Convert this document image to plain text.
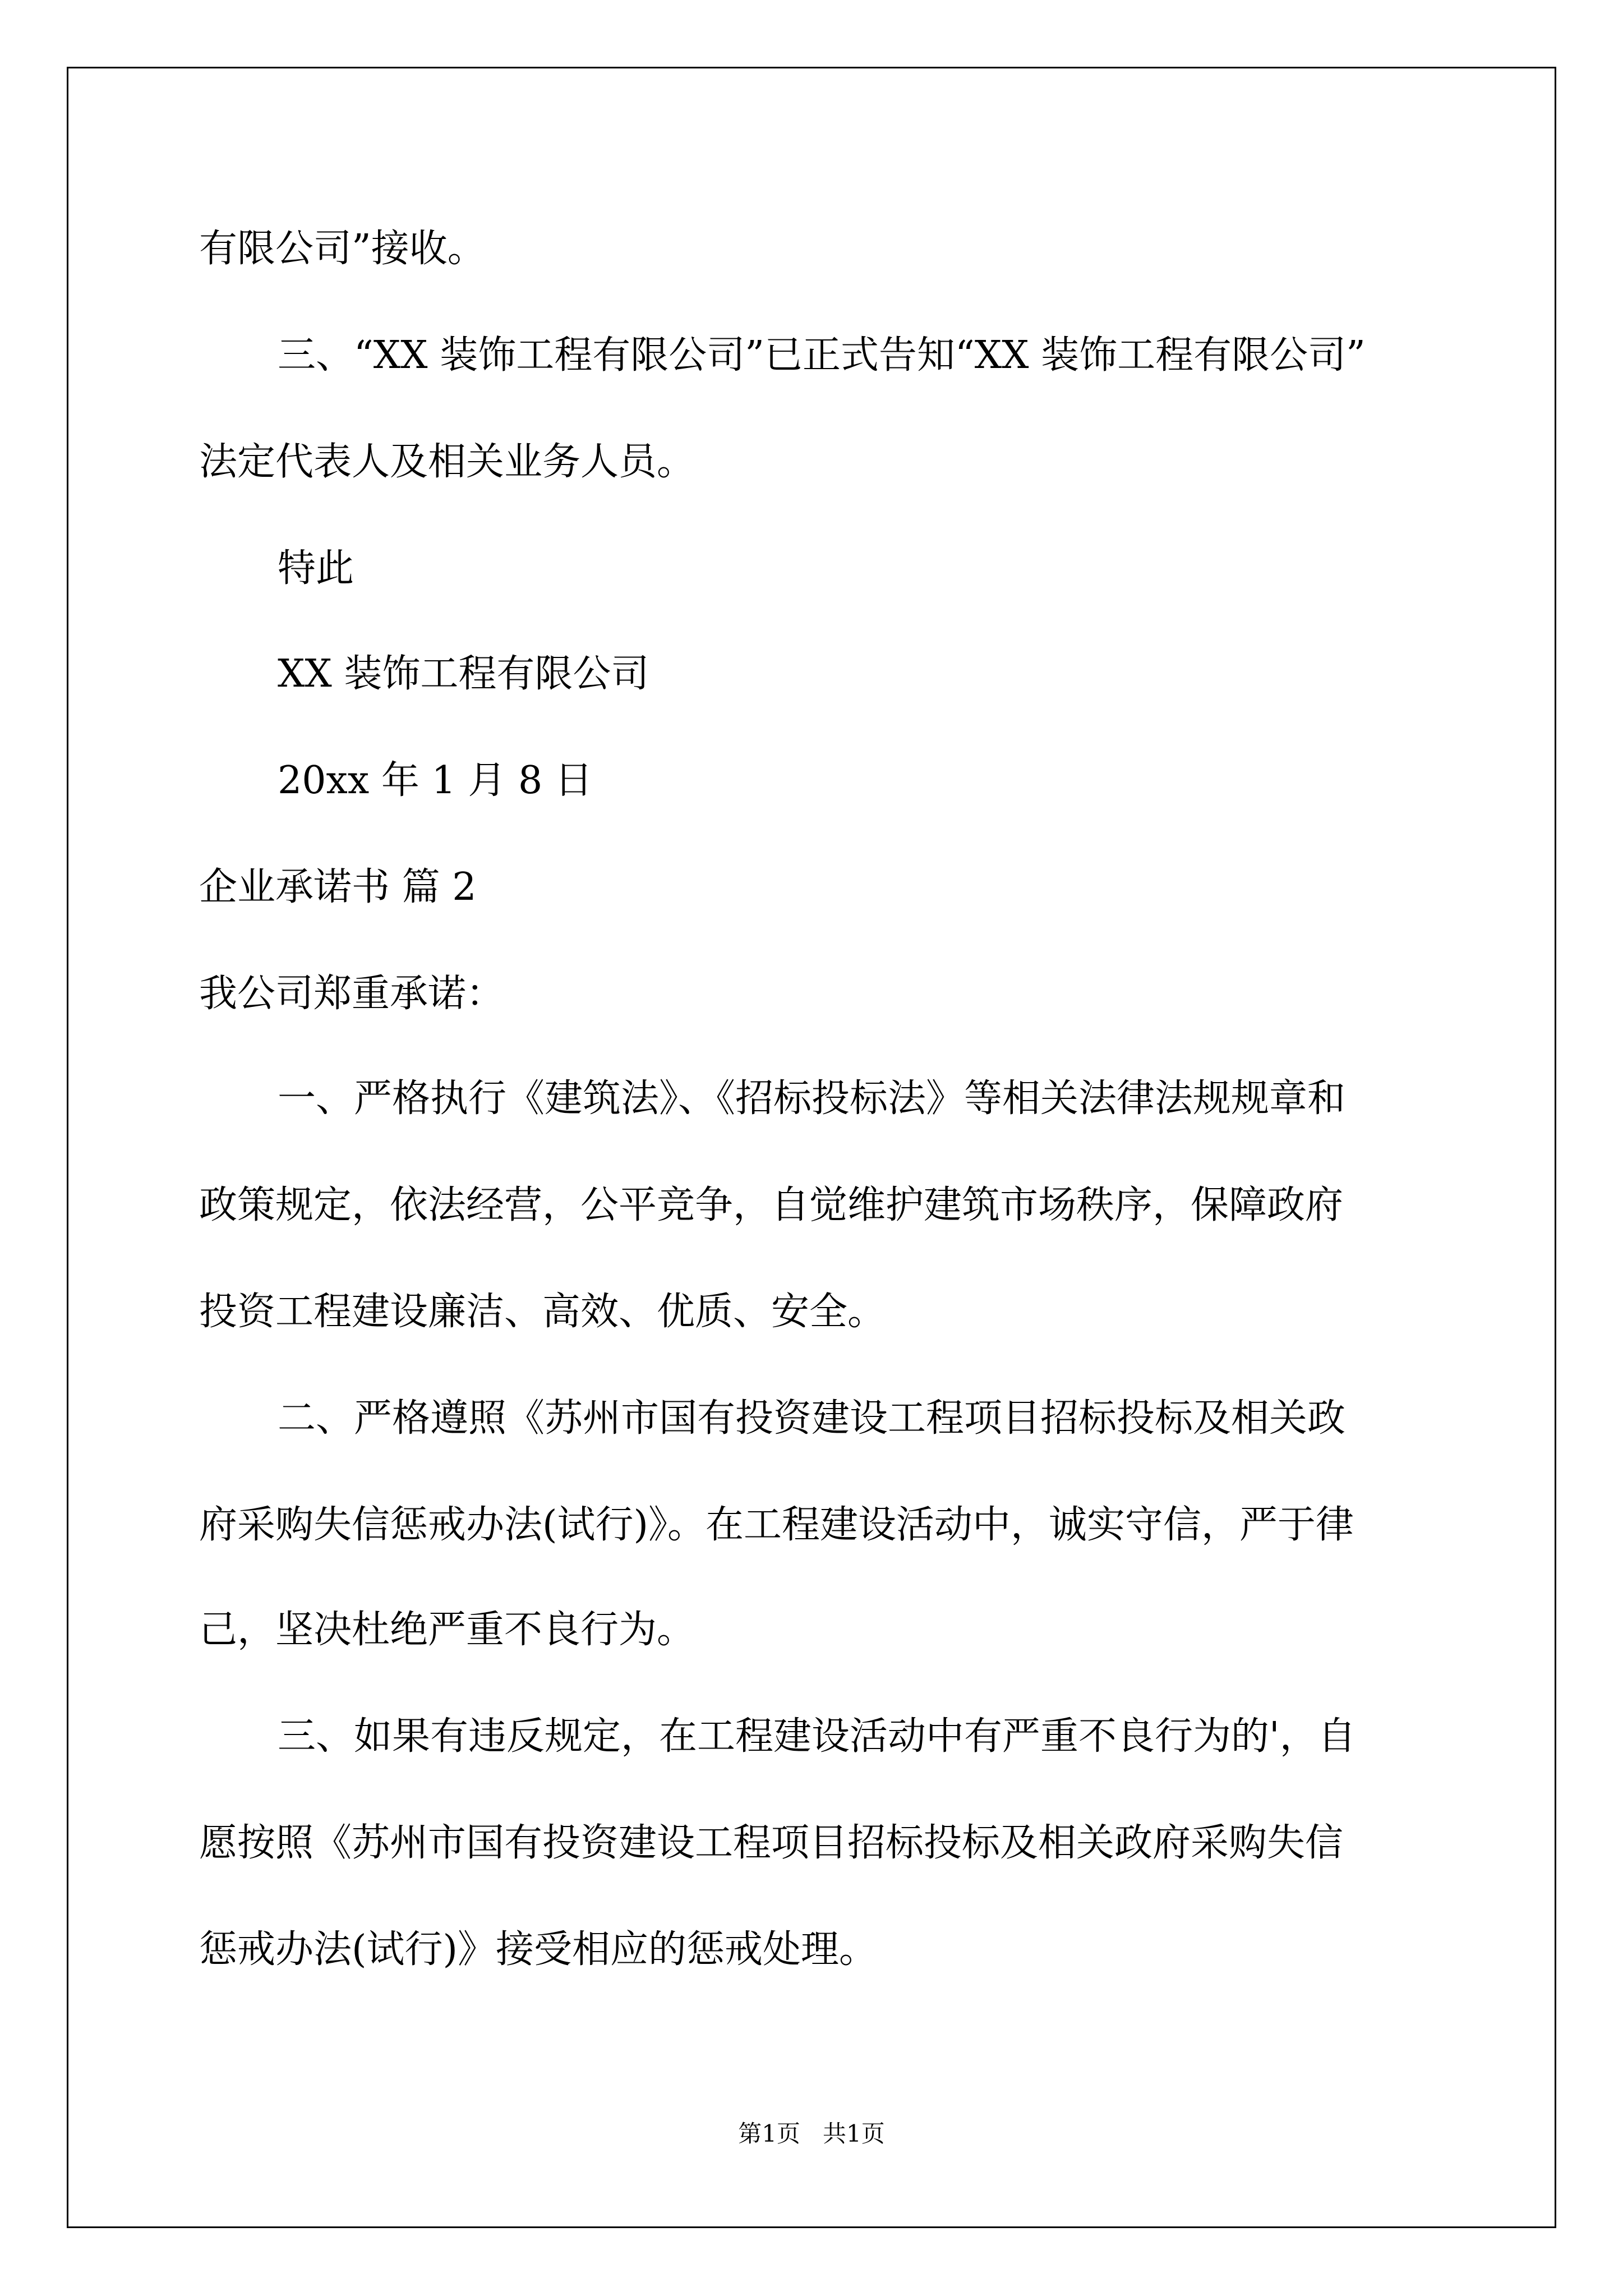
有限公司”接收。
三、“XX 装饰工程有限公司”已正式告知“XX 装饰工程有限公司”
法定代表人及相关业务人员。
特此
XX 装饰工程有限公司
20xx 年 1 月 8 日
企业承诺书 篇 2
我公司郑重承诺：
一、严格执行《建筑法》、《招标投标法》等相关法律法规规章和
政策规定，依法经营，公平竞争，自觉维护建筑市场秩序，保障政府
投资工程建设廉洁、高效、优质、安全。
二、严格遵照《苏州市国有投资建设工程项目招标投标及相关政
府采购失信惩戒办法(试行)》。在工程建设活动中，诚实守信，严于律
己，坚决杜绝严重不良行为。
三、如果有违反规定，在工程建设活动中有严重不良行为的'，自
愿按照《苏州市国有投资建设工程项目招标投标及相关政府采购失信
惩戒办法(试行)》接受相应的惩戒处理。
第1页 共1页
